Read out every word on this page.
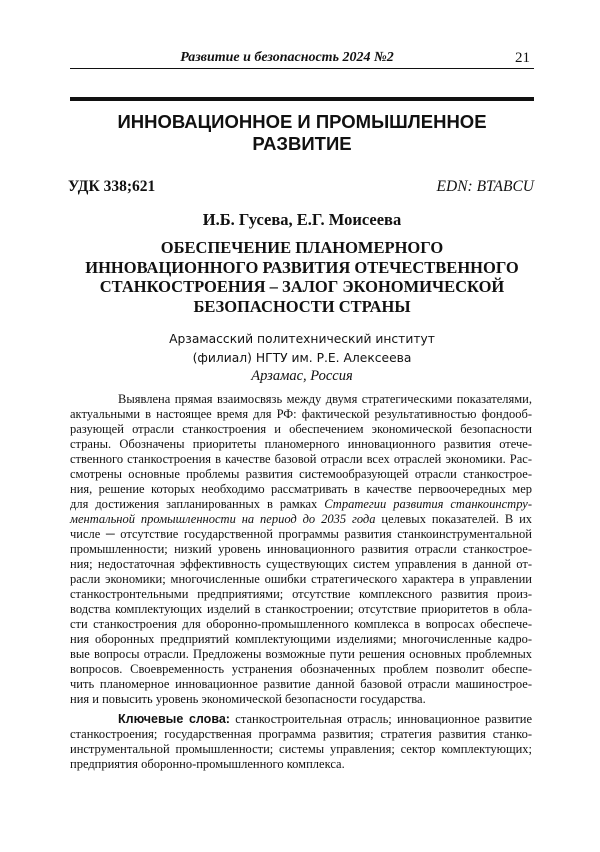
Развитие и безопасность 2024 №2	21
ИННОВАЦИОННОЕ И ПРОМЫШЛЕННОЕ
РАЗВИТИЕ
УДК 338;621	EDN: BTABCU
И.Б. Гусева, Е.Г. Моисеева
ОБЕСПЕЧЕНИЕ ПЛАНОМЕРНОГО
ИННОВАЦИОННОГО РАЗВИТИЯ ОТЕЧЕСТВЕННОГО
СТАНКОСТРОЕНИЯ – ЗАЛОГ ЭКОНОМИЧЕСКОЙ
БЕЗОПАСНОСТИ СТРАНЫ
Арзамасский политехнический институт
(филиал) НГТУ им. Р.Е. Алексеева
Арзамас, Россия
Выявлена прямая взаимосвязь между двумя стратегическими показателями,
актуальными в настоящее время для РФ: фактической результативностью фондооб-
разующей отрасли станкостроения и обеспечением экономической безопасности
страны. Обозначены приоритеты планомерного инновационного развития отече-
ственного станкостроения в качестве базовой отрасли всех отраслей экономики. Рас-
смотрены основные проблемы развития системообразующей отрасли станкострое-
ния, решение которых необходимо рассматривать в качестве первоочередных мер
для достижения запланированных в рамках Стратегии развития станкоинстру-
ментальной промышленности на период до 2035 года целевых показателей. В их
числе ─ отсутствие государственной программы развития станкоинструментальной
промышленности; низкий уровень инновационного развития отрасли станкострое-
ния; недостаточная эффективность существующих систем управления в данной от-
расли экономики; многочисленные ошибки стратегического характера в управлении
станкостронтельными предприятиями; отсутствие комплексного развития произ-
водства комплектующих изделий в станкостроении; отсутствие приоритетов в обла-
сти станкостроения для оборонно-промышленного комплекса в вопросах обеспече-
ния оборонных предприятий комплектующими изделиями; многочисленные кадро-
вые вопросы отрасли. Предложены возможные пути решения основных проблемных
вопросов. Своевременность устранения обозначенных проблем позволит обеспе-
чить планомерное инновационное развитие данной базовой отрасли машинострое-
ния и повысить уровень экономической безопасности государства.
Ключевые слова: станкостроительная отрасль; инновационное развитие
станкостроения; государственная программа развития; стратегия развития станко-
инструментальной промышленности; системы управления; сектор комплектующих;
предприятия оборонно-промышленного комплекса.
